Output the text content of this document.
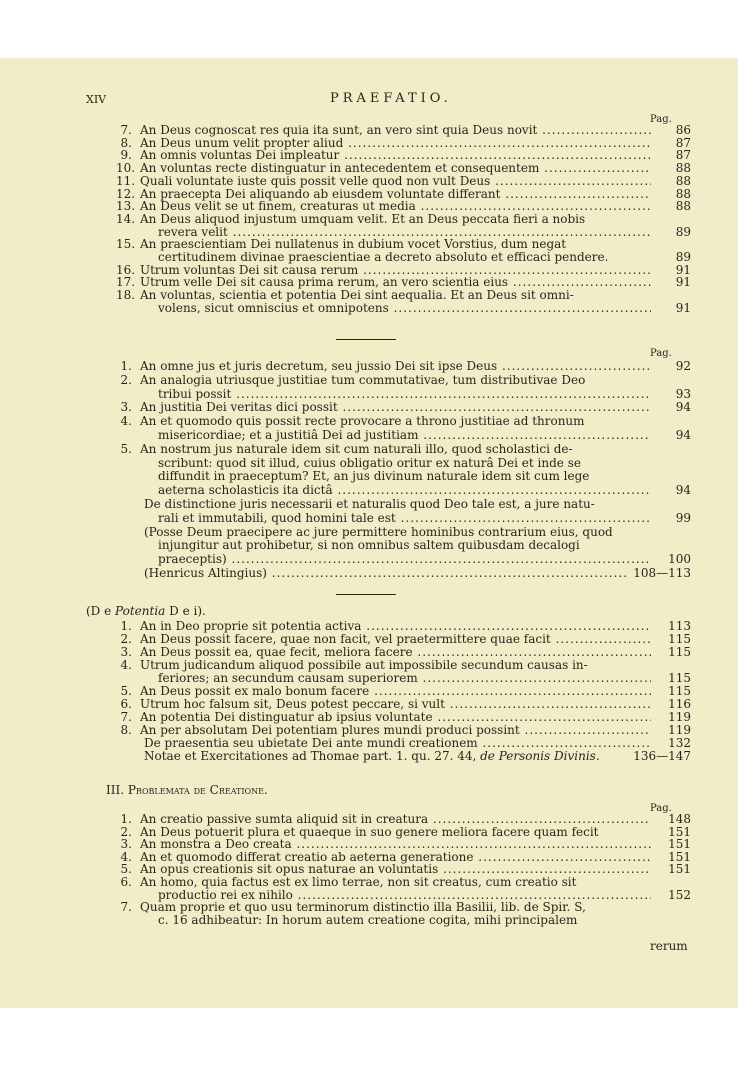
XIV	PRAEFATIO.
Pag.
7. An Deus cognoscat res quia ita sunt, an vero sint quia Deus novit .....	86
8. An Deus unum velit propter aliud .....	87
9. An omnis voluntas Dei impleatur .....	87
10. An voluntas recte distinguatur in antecedentem et consequentem .....	88
11. Quali voluntate iuste quis possit velle quod non vult Deus .....	88
12. An praecepta Dei aliquando ab eiusdem voluntate differant .....	88
13. An Deus velit se ut finem, creaturas ut media .....	88
14. An Deus aliquod injustum umquam velit. Et an Deus peccata fieri a nobis
revera velit .....	89
15. An praescientiam Dei nullatenus in dubium vocet Vorstius, dum negat
certitudinem divinae praescientiae a decreto absoluto et efficaci pendere.	89
16. Utrum voluntas Dei sit causa rerum .....	91
17. Utrum velle Dei sit causa prima rerum, an vero scientia eius .....	91
18. An voluntas, scientia et potentia Dei sint aequalia. Et an Deus sit omni-
volens, sicut omniscius et omnipotens .....	91
Pag.
1. An omne jus et juris decretum, seu jussio Dei sit ipse Deus .....	92
2. An analogia utriusque justitiae tum commutativae, tum distributivae Deo
tribui possit .....	93
3. An justitia Dei veritas dici possit .....	94
4. An et quomodo quis possit recte provocare a throno justitiae ad thronum
misericordiae; et a justitiâ Dei ad justitiam .....	94
5. An nostrum jus naturale idem sit cum naturali illo, quod scholastici de-
scribunt: quod sit illud, cuius obligatio oritur ex naturâ Dei et inde se
diffundit in praeceptum? Et, an jus divinum naturale idem sit cum lege
aeterna scholasticis ita dictâ .....	94
De distinctione juris necessarii et naturalis quod Deo tale est, a jure natu-
rali et immutabili, quod homini tale est .....	99
(Posse Deum praecipere ac jure permittere hominibus contrarium eius, quod
injungitur aut prohibetur, si non omnibus saltem quibusdam decalogi
praeceptis) .....	100
(Henricus Altingius) .....	108—113
(D e Potentia D e i).
1. An in Deo proprie sit potentia activa .....	113
2. An Deus possit facere, quae non facit, vel praetermittere quae facit .....	115
3. An Deus possit ea, quae fecit, meliora facere .....	115
4. Utrum judicandum aliquod possibile aut impossibile secundum causas in-
feriores; an secundum causam superiorem .....	115
5. An Deus possit ex malo bonum facere .....	115
6. Utrum hoc falsum sit, Deus potest peccare, si vult .....	116
7. An potentia Dei distinguatur ab ipsius voluntate .....	119
8. An per absolutam Dei potentiam plures mundi produci possint .....	119
De praesentia seu ubietate Dei ante mundi creationem .....	132
Notae et Exercitationes ad Thomae part. 1. qu. 27. 44, de Personis Divinis.	136—147
III. Problemata de Creatione.
Pag.
1. An creatio passive sumta aliquid sit in creatura .....	148
2. An Deus potuerit plura et quaeque in suo genere meliora facere quam fecit	151
3. An monstra a Deo creata .....	151
4. An et quomodo differat creatio ab aeterna generatione .....	151
5. An opus creationis sit opus naturae an voluntatis .....	151
6. An homo, quia factus est ex limo terrae, non sit creatus, cum creatio sit
productio rei ex nihilo .....	152
7. Quam proprie et quo usu terminorum distinctio illa Basilii, lib. de Spir. S,
c. 16 adhibeatur: In horum autem creatione cogita, mihi principalem
rerum
